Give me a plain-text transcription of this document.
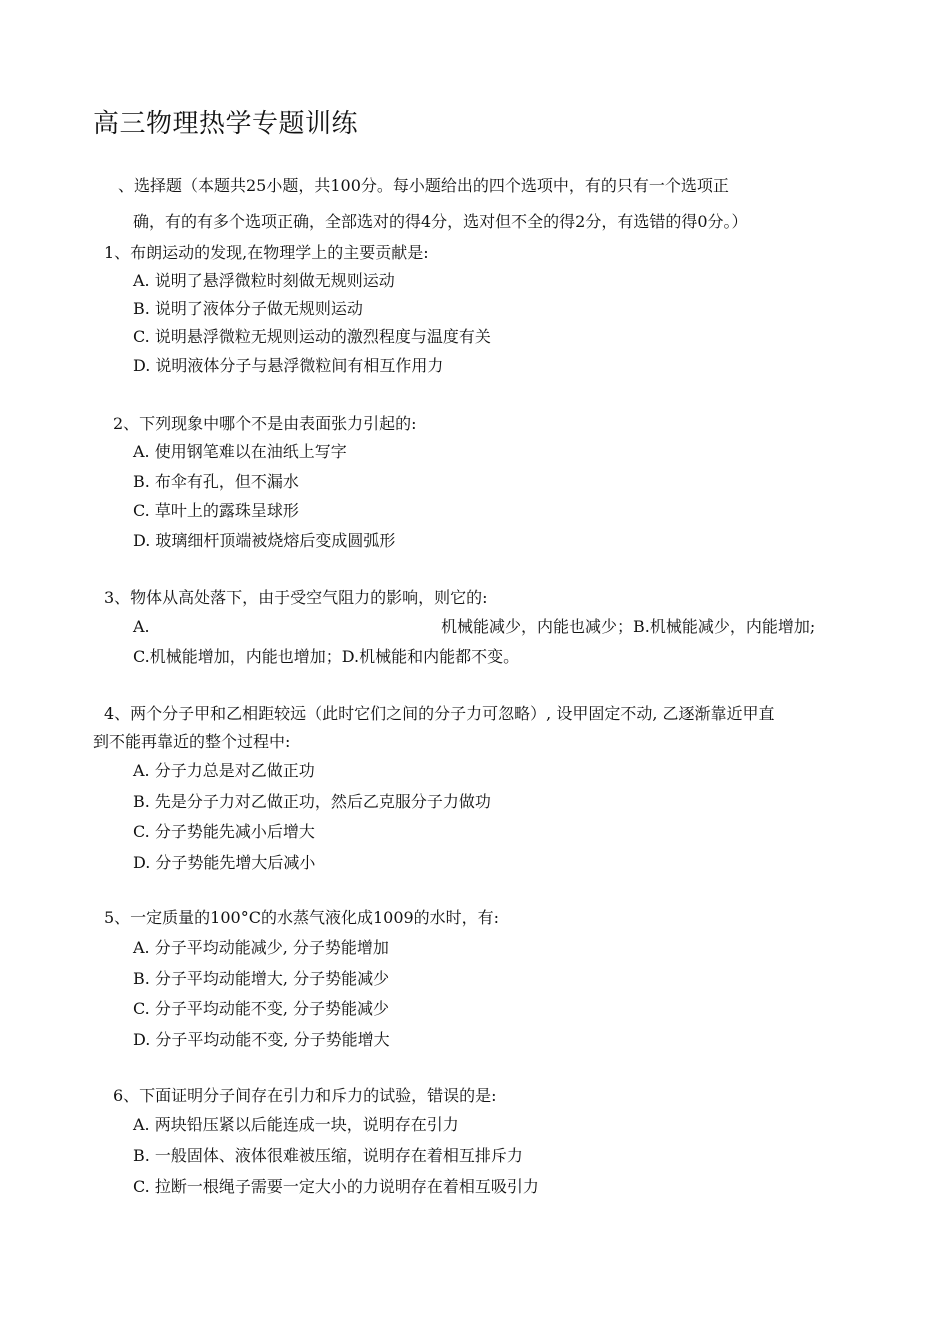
高三物理热学专题训练
、选择题（本题共25小题，共100分。每小题给出的四个选项中，有的只有一个选项正
确，有的有多个选项正确，全部选对的得4分，选对但不全的得2分，有选错的得0分。）
1、布朗运动的发现,在物理学上的主要贡献是:
A. 说明了悬浮微粒时刻做无规则运动
B. 说明了液体分子做无规则运动
C. 说明悬浮微粒无规则运动的激烈程度与温度有关
D. 说明液体分子与悬浮微粒间有相互作用力
2、下列现象中哪个不是由表面张力引起的:
A. 使用钢笔难以在油纸上写字
B. 布伞有孔，但不漏水
C. 草叶上的露珠呈球形
D. 玻璃细杆顶端被烧熔后变成圆弧形
3、物体从高处落下，由于受空气阻力的影响，则它的:
A.	机械能减少，内能也减少；B.机械能减少，内能增加;
C.机械能增加，内能也增加；D.机械能和内能都不变。
4、两个分子甲和乙相距较远（此时它们之间的分子力可忽略）, 设甲固定不动, 乙逐渐靠近甲直
到不能再靠近的整个过程中:
A. 分子力总是对乙做正功
B. 先是分子力对乙做正功，然后乙克服分子力做功
C. 分子势能先减小后增大
D. 分子势能先增大后减小
5、一定质量的100°C的水蒸气液化成1009的水时，有:
A. 分子平均动能减少, 分子势能增加
B. 分子平均动能增大, 分子势能减少
C. 分子平均动能不变, 分子势能减少
D. 分子平均动能不变, 分子势能增大
6、下面证明分子间存在引力和斥力的试验，错误的是:
A. 两块铅压紧以后能连成一块，说明存在引力
B. 一般固体、液体很难被压缩，说明存在着相互排斥力
C. 拉断一根绳子需要一定大小的力说明存在着相互吸引力
